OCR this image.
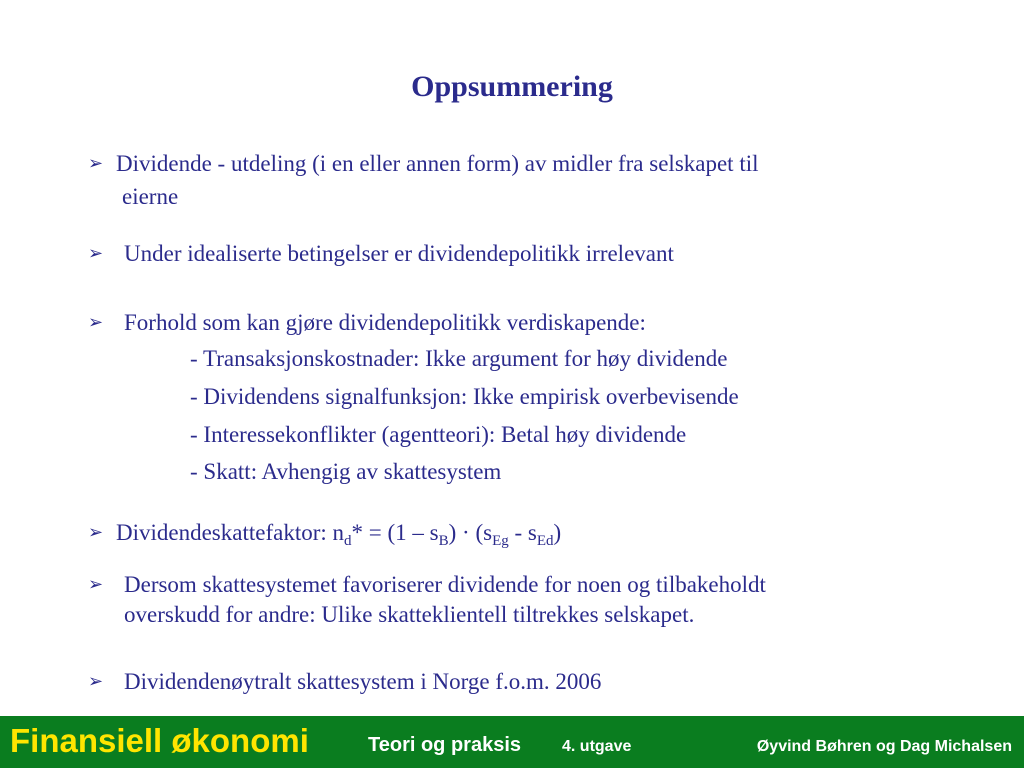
Oppsummering
➢ Dividende - utdeling (i en eller annen form) av midler fra selskapet til
eierne
➢ Under idealiserte betingelser er dividendepolitikk irrelevant
➢ Forhold som kan gjøre dividendepolitikk verdiskapende:
- Transaksjonskostnader: Ikke argument for høy dividende
- Dividendens signalfunksjon: Ikke empirisk overbevisende
- Interessekonflikter (agentteori): Betal høy dividende
- Skatt: Avhengig av skattesystem
➢ Dividendeskattefaktor: $n_d* = (1 - s_B) \cdot (s_{Eg} - s_{Ed})$
➢ Dersom skattesystemet favoriserer dividende for noen og tilbakeholdt
overskudd for andre: Ulike skatteklientell tiltrekkes selskapet.
➢ Dividendenøytralt skattesystem i Norge f.o.m. 2006
Finansiell økonomi	Teori og praksis	4. utgave	Øyvind Bøhren og Dag Michalsen
